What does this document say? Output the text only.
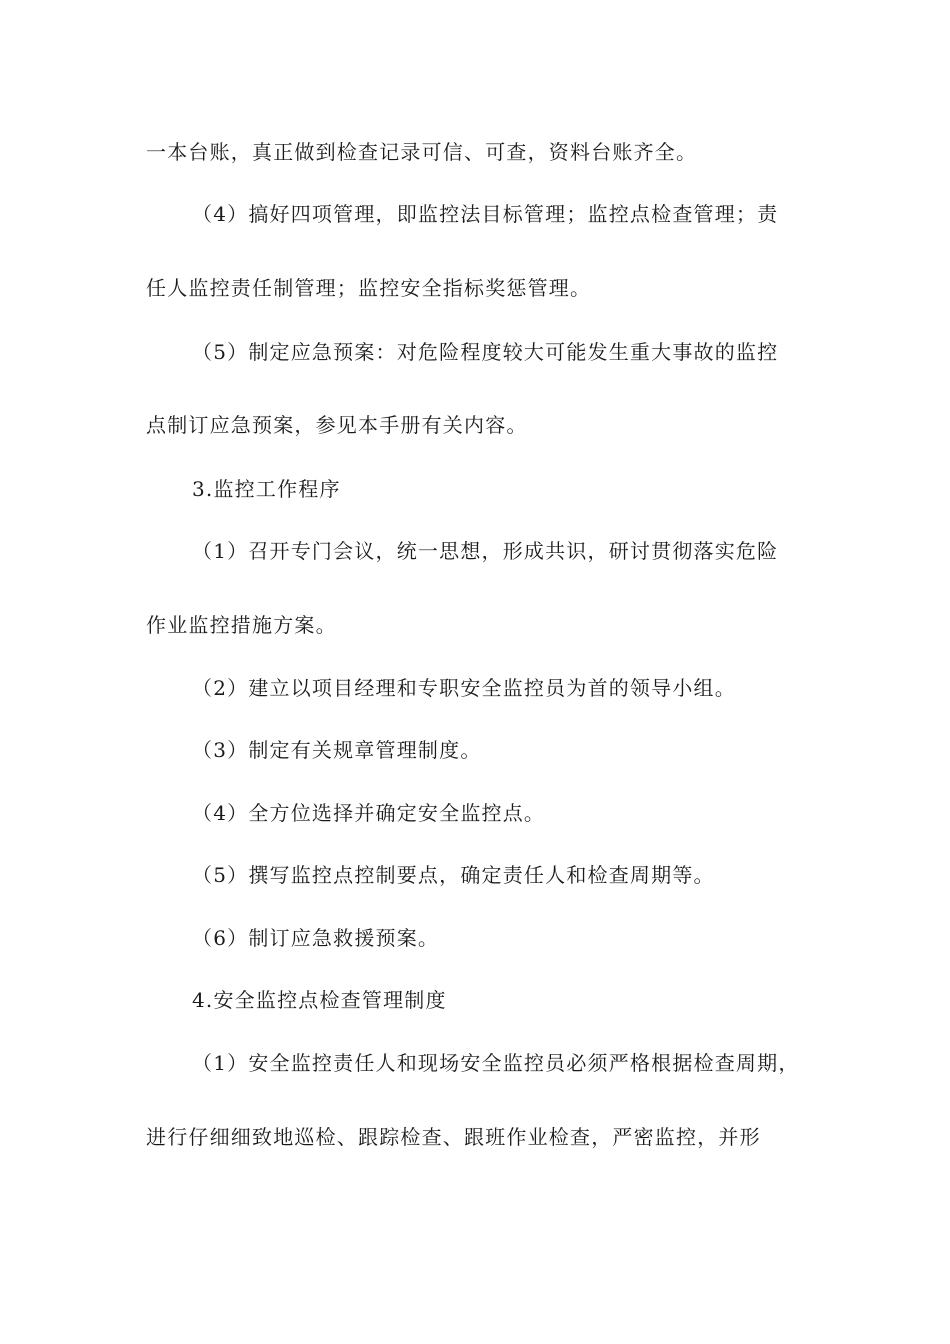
一本台账，真正做到检查记录可信、可查，资料台账齐全。
（4）搞好四项管理，即监控法目标管理；监控点检查管理；责
任人监控责任制管理；监控安全指标奖惩管理。
（5）制定应急预案：对危险程度较大可能发生重大事故的监控
点制订应急预案，参见本手册有关内容。
3.监控工作程序
（1）召开专门会议，统一思想，形成共识，研讨贯彻落实危险
作业监控措施方案。
（2）建立以项目经理和专职安全监控员为首的领导小组。
（3）制定有关规章管理制度。
（4）全方位选择并确定安全监控点。
（5）撰写监控点控制要点，确定责任人和检查周期等。
（6）制订应急救援预案。
4.安全监控点检查管理制度
（1）安全监控责任人和现场安全监控员必须严格根据检查周期，
进行仔细细致地巡检、跟踪检查、跟班作业检查，严密监控，并形
